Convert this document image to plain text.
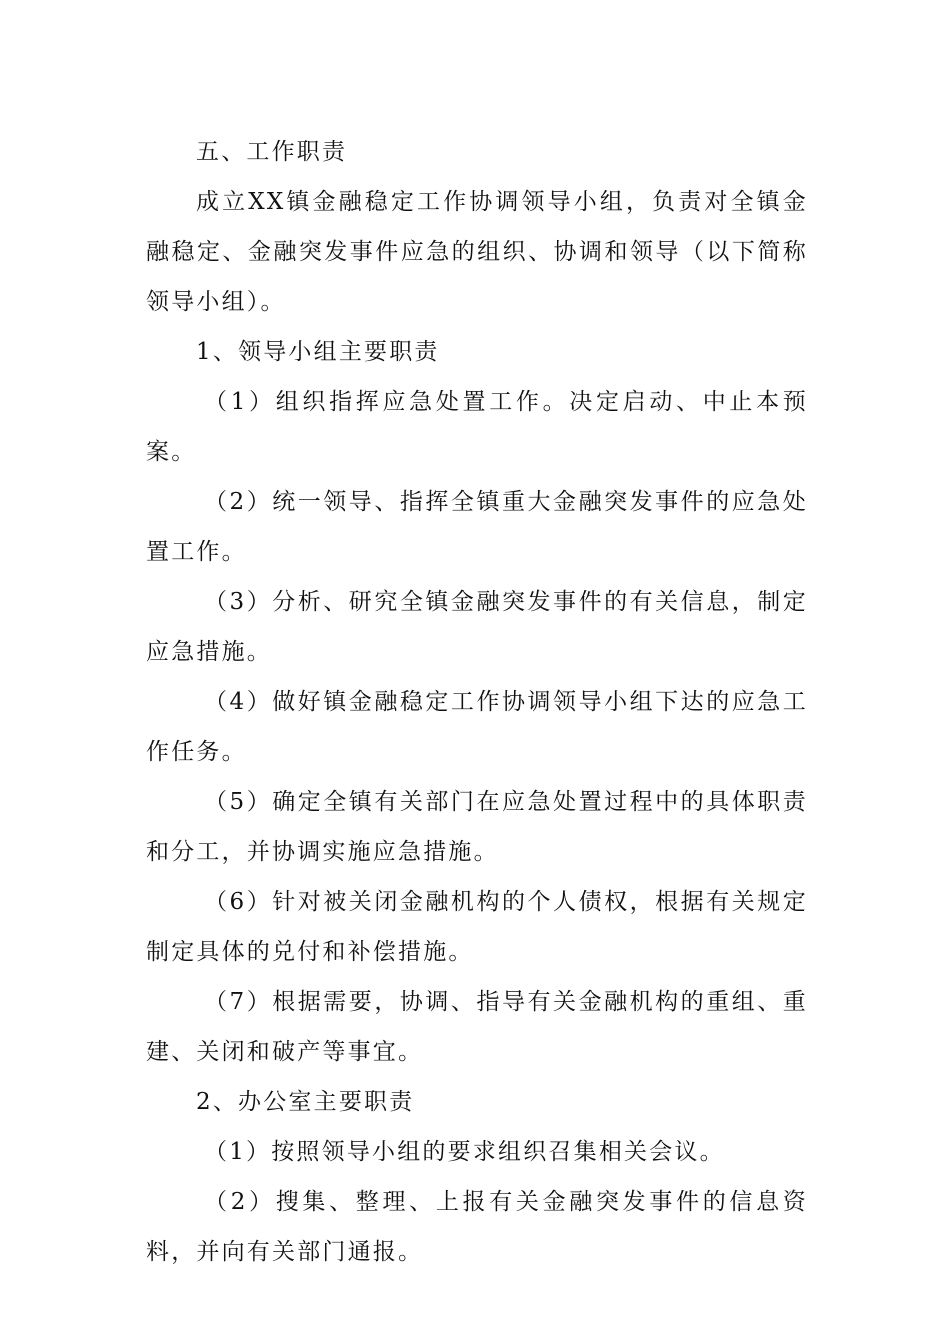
五、工作职责

成立XX镇金融稳定工作协调领导小组，负责对全镇金融稳定、金融突发事件应急的组织、协调和领导（以下简称领导小组）。

1、领导小组主要职责

（1）组织指挥应急处置工作。决定启动、中止本预案。

（2）统一领导、指挥全镇重大金融突发事件的应急处置工作。

（3）分析、研究全镇金融突发事件的有关信息，制定应急措施。

（4）做好镇金融稳定工作协调领导小组下达的应急工作任务。

（5）确定全镇有关部门在应急处置过程中的具体职责和分工，并协调实施应急措施。

（6）针对被关闭金融机构的个人债权，根据有关规定制定具体的兑付和补偿措施。

（7）根据需要，协调、指导有关金融机构的重组、重建、关闭和破产等事宜。

2、办公室主要职责

（1）按照领导小组的要求组织召集相关会议。

（2）搜集、整理、上报有关金融突发事件的信息资料，并向有关部门通报。
